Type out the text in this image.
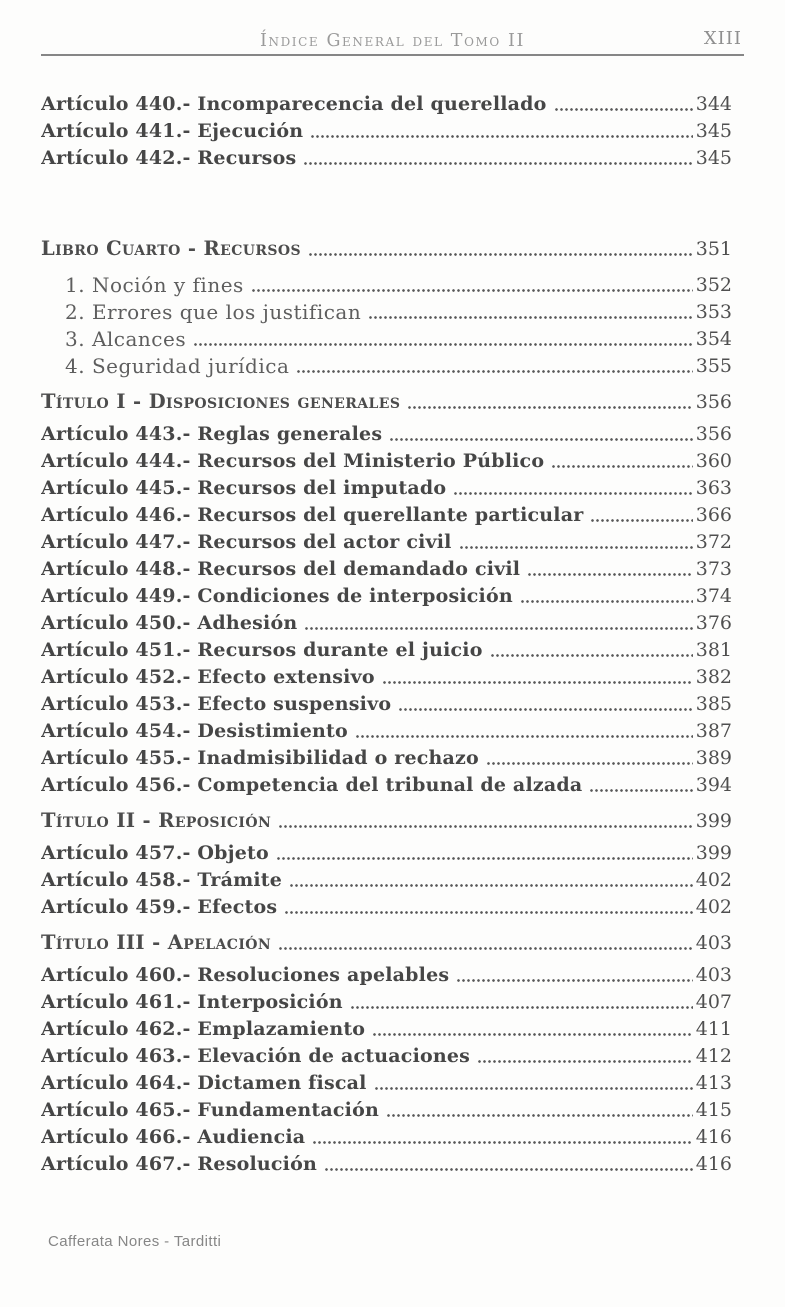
Índice General del Tomo II	XIII
Artículo 440.- Incomparecencia del querellado	344
Artículo 441.- Ejecución	345
Artículo 442.- Recursos	345
Libro Cuarto - Recursos	351
1. Noción y fines	352
2. Errores que los justifican	353
3. Alcances	354
4. Seguridad jurídica	355
Título I - Disposiciones generales	356
Artículo 443.- Reglas generales	356
Artículo 444.- Recursos del Ministerio Público	360
Artículo 445.- Recursos del imputado	363
Artículo 446.- Recursos del querellante particular	366
Artículo 447.- Recursos del actor civil	372
Artículo 448.- Recursos del demandado civil	373
Artículo 449.- Condiciones de interposición	374
Artículo 450.- Adhesión	376
Artículo 451.- Recursos durante el juicio	381
Artículo 452.- Efecto extensivo	382
Artículo 453.- Efecto suspensivo	385
Artículo 454.- Desistimiento	387
Artículo 455.- Inadmisibilidad o rechazo	389
Artículo 456.- Competencia del tribunal de alzada	394
Título II - Reposición	399
Artículo 457.- Objeto	399
Artículo 458.- Trámite	402
Artículo 459.- Efectos	402
Título III - Apelación	403
Artículo 460.- Resoluciones apelables	403
Artículo 461.- Interposición	407
Artículo 462.- Emplazamiento	411
Artículo 463.- Elevación de actuaciones	412
Artículo 464.- Dictamen fiscal	413
Artículo 465.- Fundamentación	415
Artículo 466.- Audiencia	416
Artículo 467.- Resolución	416
Cafferata Nores - Tarditti
